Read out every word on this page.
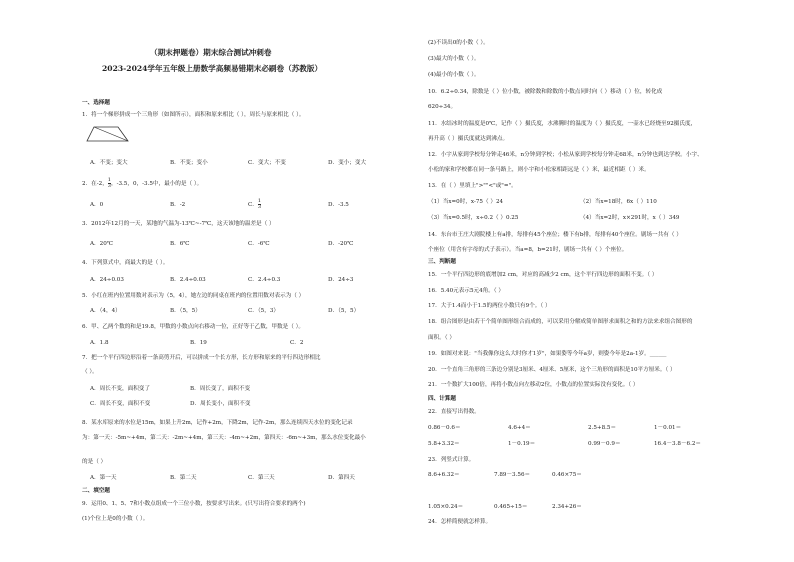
（期末押题卷）期末综合测试冲刺卷
2023-2024学年五年级上册数学高频易错期末必刷卷（苏教版）
一、选择题
1．将一个梯形拼成一个三角形（如图所示），面积和原来相比（ ），周长与原来相比（ ）。
A．不变；变大	B．不变；变小	C．变大；不变	D．变小；变大
2．在-2， $\frac{1}{3}$ ，-3.5，0，-3.5中，最小的是（ ）。
A．0	B．-2	C． $\frac{1}{3}$	D．-3.5
3．2012年12月的一天，某地的气温为-13℃~-7℃，这天该地的温差是（ ）
A．20℃	B．6℃	C．-6℃	D．-20℃
4．下列算式中，商最大的是（ ）。
A．24÷0.03	B．2.4÷0.03	C．2.4÷0.3	D．24÷3
5．小红在班内位置用数对表示为（5，4），她左边的同桌在班内的位置用数对表示为（ ）
A．（4，4）	B．（5，5）	C．（5，3）	D．（5，5）
6．甲、乙两个数的和是19.8，甲数的小数点向右移动一位，正好等于乙数，甲数是（ ）。
A．1.8	B．19	C．2
7．把一个平行四边形沿着一条高剪开后，可以拼成一个长方形，长方形和原来的平行四边形相比
（ ）。
A．周长不变，面积变了	B．周长变了，面积不变
C．周长不变，面积不变	D．周长变小，面积不变
8．某水库原来的水位是15m，如果上升2m，记作+2m，下降2m，记作-2m，那么连续四天水位的变化记录
为：第一天：-5m~+4m，第二天：-2m~+4m，第三天：-4m~+2m，第四天：-6m~+3m，那么水位变化最小
的是（ ）
A．第一天	B．第二天	C．第三天	D．第四天
二、填空题
9．运用0、1、5、7和小数点组成一个三位小数，按要求写出来。(只写出符合要求的两个)
(1)个位上是0的小数（ ）。
(2)不读出0的小数（ ）。
(3)最大的小数（ ）。
(4)最小的小数（ ）。
10．6.2÷0.34，除数是（ ）位小数，被除数和除数的小数点同时向（ ）移动（ ）位，转化成
620÷34。
11．水结冰时的温度是0℃，记作（ ）摄氏度，水沸腾时的温度为（ ）摄氏度，一壶水已经烧至92摄氏度，
再升高（ ）摄氏度就达到沸点。
12．小宇从家到学校每分钟走46米，n分钟到学校；小松从家到学校每分钟走68米，n分钟也到达学校。小宇、
小松的家和学校都在同一条马路上，则小宇和小松家相距远是（ ）米，最近相距（ ）米。
13．在（ ）里填上">""<"或"="。
（1）当x=0时，x-75（ ）24	（2）当x=18时，6x（ ）110
（3）当x=0.5时，x÷0.2（ ）0.25	（4）当x=2时，x×291时，x（ ）349
14．东台市王庄大剧院楼上有a排，每排有45个座位；楼下有b排，每排有40个座位。剧场一共有（ ）
个座位（用含有字母的式子表示）。当a=8，b=21时，剧场一共有（ ）个座位。
三、判断题
15．一个平行四边形的底增加2 cm，对应的高减少2 cm，这个平行四边形的面积不变。（ ）
16．5.40元表示5元4角。（ ）
17．大于1.4而小于1.5的两位小数只有9个。（ ）
18．组合图形是由若干个简单图形组合而成的，可以采用分解成简单图形求面积之和的方法来求组合图形的
面积。（ ）
19．如图对来说："当我像你这么大时你才1岁"，如果姿等今年a岁，则姿今年是2a-1岁。______
20．一个直角三角形的三条边分别是3厘米、4厘米、5厘米，这个三角形的面积是10平方厘米。（ ）
21．一个数扩大100倍，再将小数点向左移动2位，小数点的位置实际没有变化。（ ）
四、计算题
22．直接写出得数。
0.86－0.6＝	4.6+4＝	2.5+8.5＝	1－0.01＝
5.8+3.32＝	1－0.19＝	0.99－0.9＝	16.4－3.8－6.2＝
23．列竖式计算。
8.6+6.32＝	7.89－3.56＝	0.46×75＝
1.05×0.24＝	0.465÷15＝	2.34+26＝
24．怎样简便就怎样算。
